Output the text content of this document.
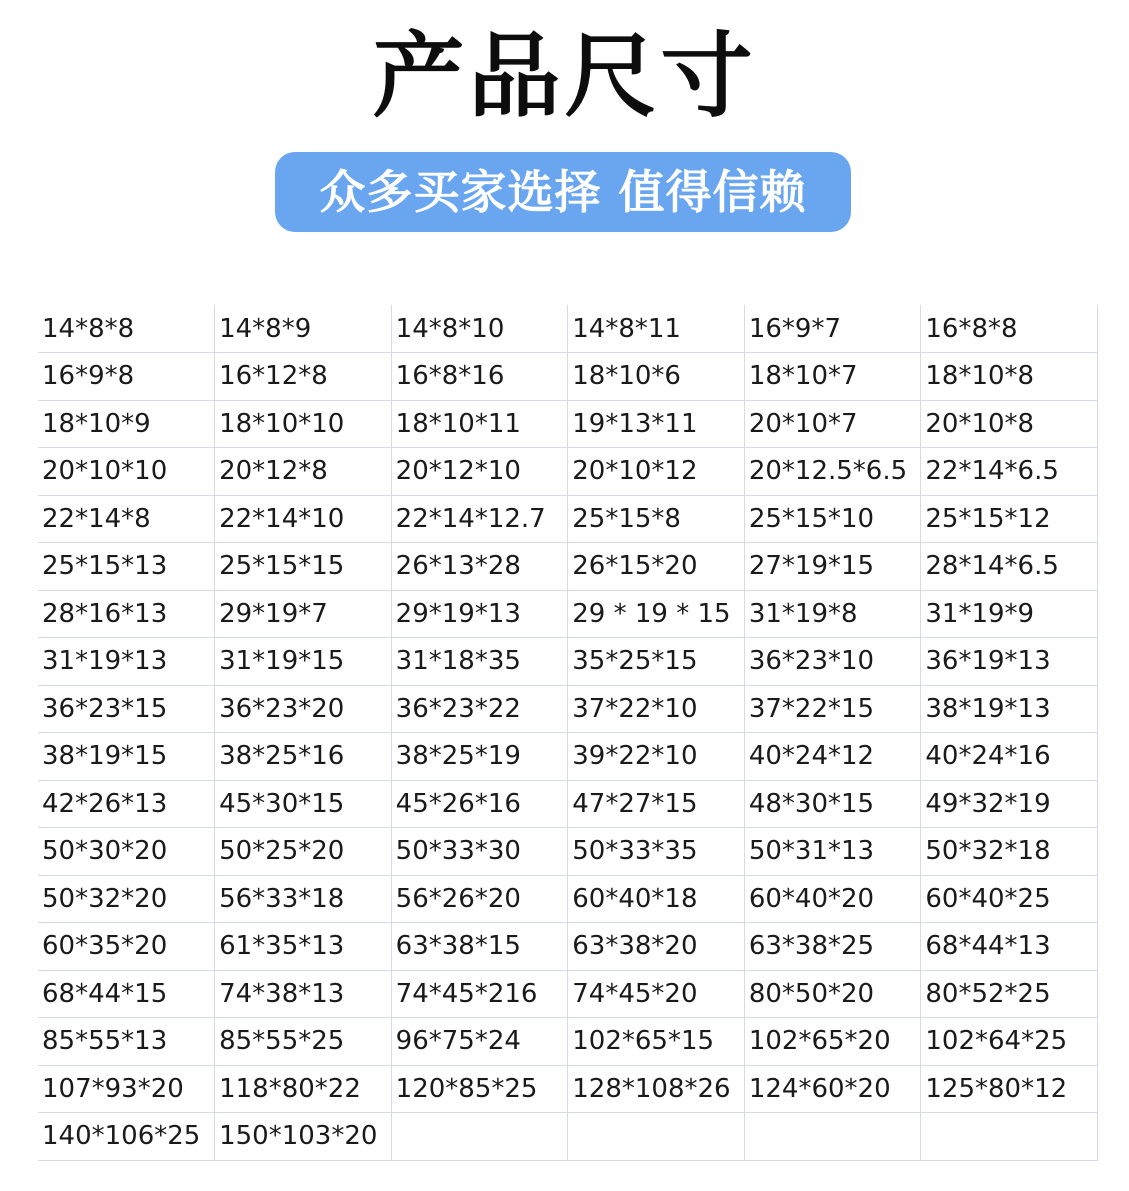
产品尺寸
众多买家选择 值得信赖
14*8*8	14*8*9	14*8*10	14*8*11	16*9*7	16*8*8
16*9*8	16*12*8	16*8*16	18*10*6	18*10*7	18*10*8
18*10*9	18*10*10	18*10*11	19*13*11	20*10*7	20*10*8
20*10*10	20*12*8	20*12*10	20*10*12	20*12.5*6.5	22*14*6.5
22*14*8	22*14*10	22*14*12.7	25*15*8	25*15*10	25*15*12
25*15*13	25*15*15	26*13*28	26*15*20	27*19*15	28*14*6.5
28*16*13	29*19*7	29*19*13	29 * 19 * 15	31*19*8	31*19*9
31*19*13	31*19*15	31*18*35	35*25*15	36*23*10	36*19*13
36*23*15	36*23*20	36*23*22	37*22*10	37*22*15	38*19*13
38*19*15	38*25*16	38*25*19	39*22*10	40*24*12	40*24*16
42*26*13	45*30*15	45*26*16	47*27*15	48*30*15	49*32*19
50*30*20	50*25*20	50*33*30	50*33*35	50*31*13	50*32*18
50*32*20	56*33*18	56*26*20	60*40*18	60*40*20	60*40*25
60*35*20	61*35*13	63*38*15	63*38*20	63*38*25	68*44*13
68*44*15	74*38*13	74*45*216	74*45*20	80*50*20	80*52*25
85*55*13	85*55*25	96*75*24	102*65*15	102*65*20	102*64*25
107*93*20	118*80*22	120*85*25	128*108*26	124*60*20	125*80*12
140*106*25	150*103*20				
